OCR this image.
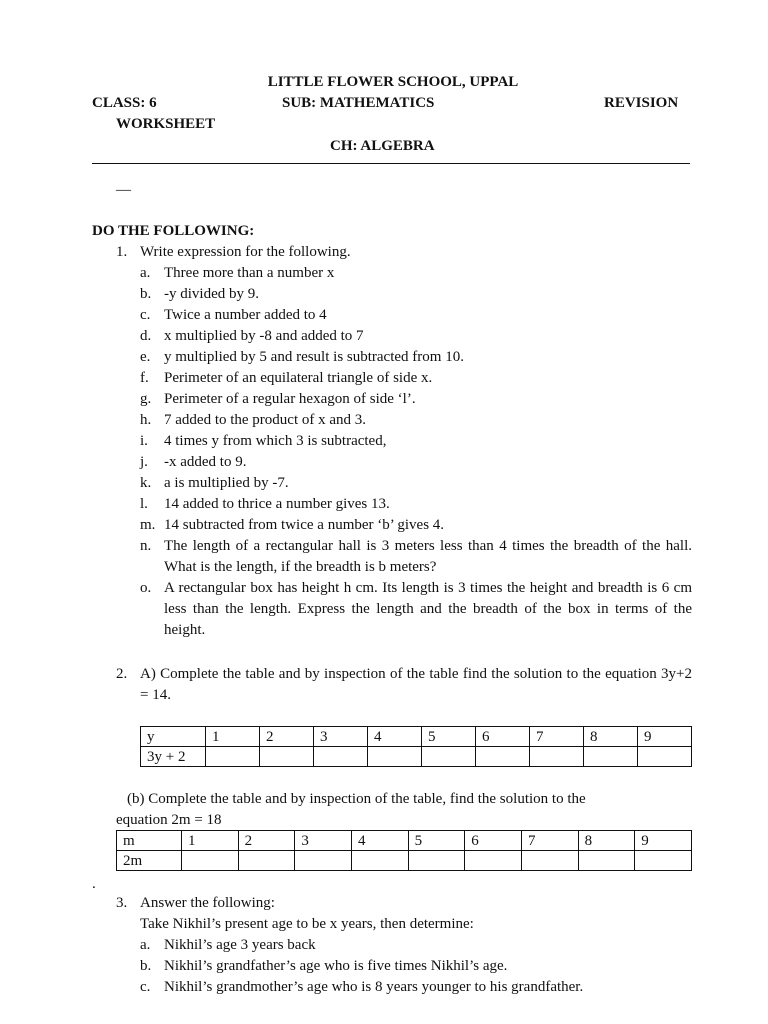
LITTLE FLOWER SCHOOL, UPPAL
CLASS: 6	SUB: MATHEMATICS	REVISION
WORKSHEET
CH: ALGEBRA
—
DO THE FOLLOWING:
1. Write expression for the following.
a. Three more than a number x
b. -y divided by 9.
c. Twice a number added to 4
d. x multiplied by -8 and added to 7
e. y multiplied by 5 and result is subtracted from 10.
f. Perimeter of an equilateral triangle of side x.
g. Perimeter of a regular hexagon of side ‘l’.
h. 7 added to the product of x and 3.
i. 4 times y from which 3 is subtracted,
j. -x added to 9.
k. a is multiplied by -7.
l. 14 added to thrice a number gives 13.
m. 14 subtracted from twice a number ‘b’ gives 4.
n. The length of a rectangular hall is 3 meters less than 4 times the breadth of the hall. What is the length, if the breadth is b meters?
o. A rectangular box has height h cm. Its length is 3 times the height and breadth is 6 cm less than the length. Express the length and the breadth of the box in terms of the height.
2. A) Complete the table and by inspection of the table find the solution to the equation 3y+2 = 14.
y	1	2	3	4	5	6	7	8	9
3y + 2									
(b) Complete the table and by inspection of the table, find the solution to the
equation 2m = 18
m	1	2	3	4	5	6	7	8	9
2m									
.
3. Answer the following:
Take Nikhil’s present age to be x years, then determine:
a. Nikhil’s age 3 years back
b. Nikhil’s grandfather’s age who is five times Nikhil’s age.
c. Nikhil’s grandmother’s age who is 8 years younger to his grandfather.
